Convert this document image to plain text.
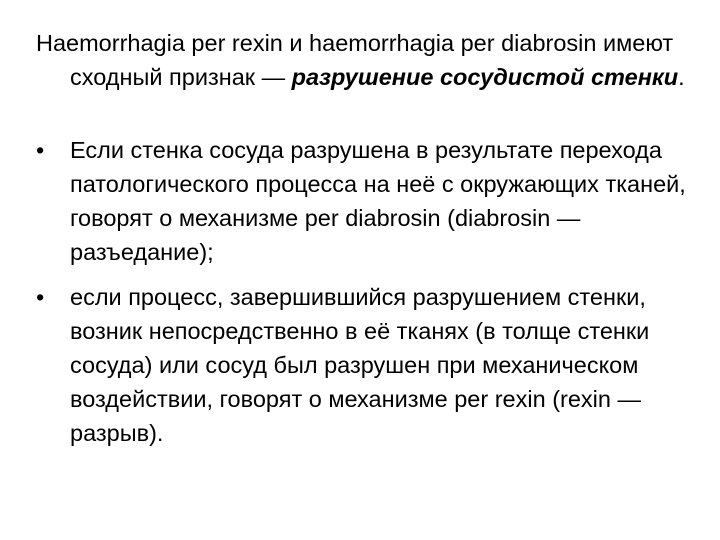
Haemorrhagia per rexin и haemorrhagia per diabrosin имеют сходный признак — разрушение сосудистой стенки.

•	Если стенка сосуда разрушена в результате перехода патологического процесса на неё с окружающих тканей, говорят о механизме per diabrosin (diabrosin — разъедание);
•	если процесс, завершившийся разрушением стенки, возник непосредственно в её тканях (в толще стенки сосуда) или сосуд был разрушен при механическом воздействии, говорят о механизме per rexin (rexin — разрыв).
